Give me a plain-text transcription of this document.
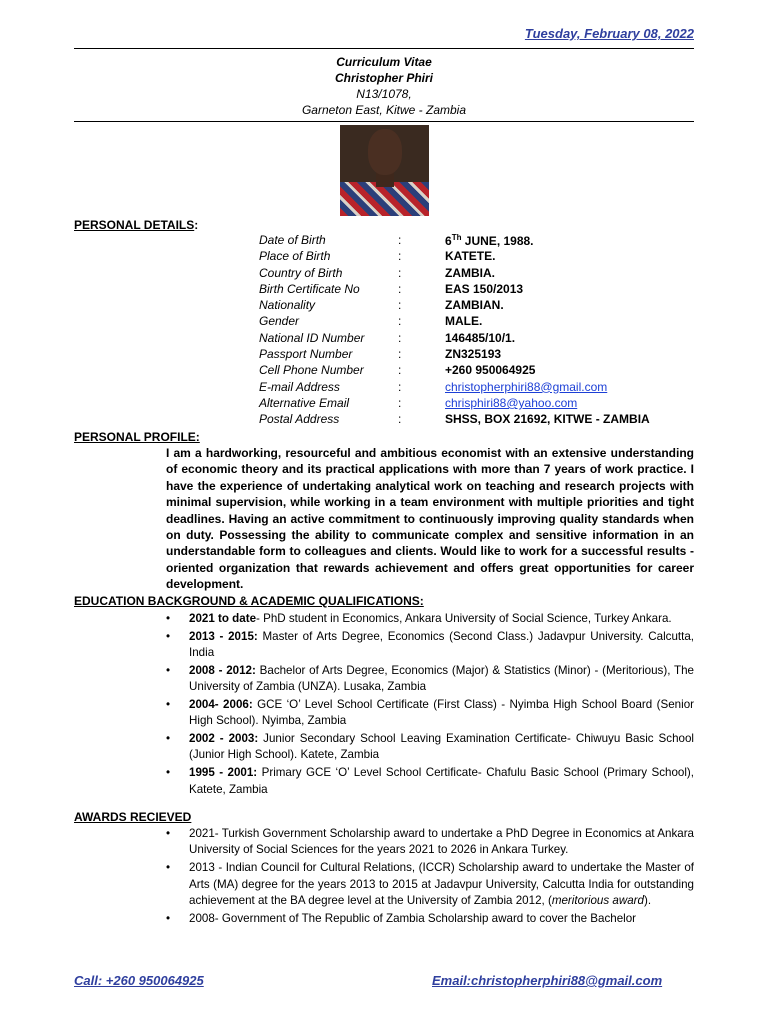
Tuesday, February 08, 2022
Curriculum Vitae
Christopher Phiri
N13/1078,
Garneton East, Kitwe - Zambia
PERSONAL DETAILS:
Date of Birth	:	6Th JUNE, 1988.
Place of Birth	:	KATETE.
Country of Birth	:	ZAMBIA.
Birth Certificate No	:	EAS 150/2013
Nationality	:	ZAMBIAN.
Gender	:	MALE.
National ID Number	:	146485/10/1.
Passport Number	:	ZN325193
Cell Phone Number	:	+260 950064925
E-mail Address	:	christopherphiri88@gmail.com
Alternative Email	:	chrisphiri88@yahoo.com
Postal Address	:	SHSS, BOX 21692, KITWE - ZAMBIA
PERSONAL PROFILE:
I am a hardworking, resourceful and ambitious economist with an extensive understanding of economic theory and its practical applications with more than 7 years of work practice. I have the experience of undertaking analytical work on teaching and research projects with minimal supervision, while working in a team environment with multiple priorities and tight deadlines. Having an active commitment to continuously improving quality standards when on duty. Possessing the ability to communicate complex and sensitive information in an understandable form to colleagues and clients. Would like to work for a successful results - oriented organization that rewards achievement and offers great opportunities for career development.
EDUCATION BACKGROUND & ACADEMIC QUALIFICATIONS:
• 2021 to date- PhD student in Economics, Ankara University of Social Science, Turkey Ankara.
• 2013 - 2015: Master of Arts Degree, Economics (Second Class.) Jadavpur University. Calcutta, India
• 2008 - 2012: Bachelor of Arts Degree, Economics (Major) & Statistics (Minor) - (Meritorious), The University of Zambia (UNZA). Lusaka, Zambia
• 2004- 2006: GCE ‘O’ Level School Certificate (First Class) - Nyimba High School Board (Senior High School). Nyimba, Zambia
• 2002 - 2003: Junior Secondary School Leaving Examination Certificate- Chiwuyu Basic School (Junior High School). Katete, Zambia
• 1995 - 2001: Primary GCE ‘O’ Level School Certificate- Chafulu Basic School (Primary School), Katete, Zambia
AWARDS RECIEVED
• 2021- Turkish Government Scholarship award to undertake a PhD Degree in Economics at Ankara University of Social Sciences for the years 2021 to 2026 in Ankara Turkey.
• 2013 - Indian Council for Cultural Relations, (ICCR) Scholarship award to undertake the Master of Arts (MA) degree for the years 2013 to 2015 at Jadavpur University, Calcutta India for outstanding achievement at the BA degree level at the University of Zambia 2012, (meritorious award).
• 2008- Government of The Republic of Zambia Scholarship award to cover the Bachelor
Call: +260 950064925	Email:christopherphiri88@gmail.com
